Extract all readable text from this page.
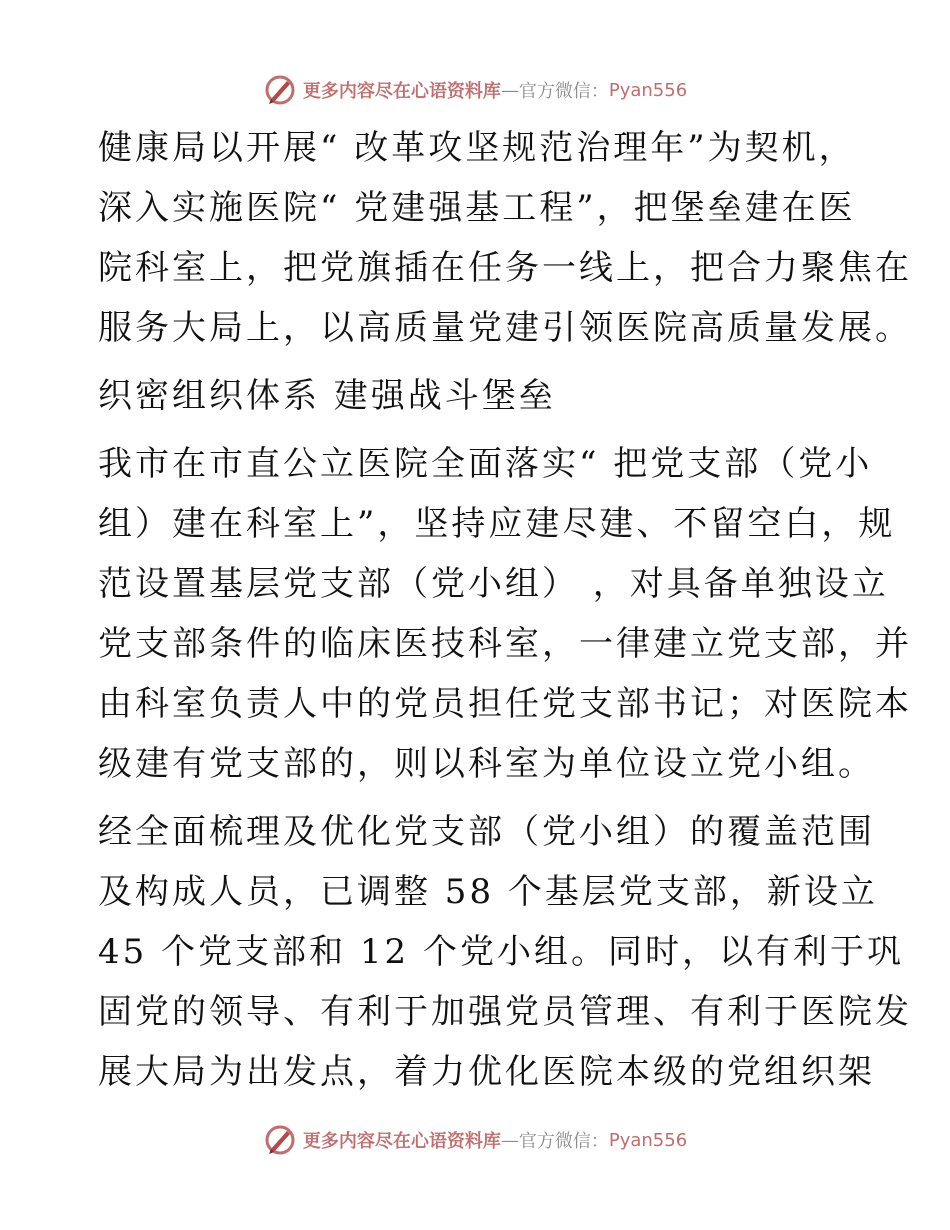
更多内容尽在心语资料库 — 官方微信： Pyan556
健康局以开展“ 改革攻坚规范治理年”为契机，
深入实施医院“ 党建强基工程”，把堡垒建在医
院科室上，把党旗插在任务一线上，把合力聚焦在
服务大局上，以高质量党建引领医院高质量发展。
织密组织体系 建强战斗堡垒
我市在市直公立医院全面落实“ 把党支部（党小
组）建在科室上”，坚持应建尽建、不留空白，规
范设置基层党支部（党小组） ，对具备单独设立
党支部条件的临床医技科室，一律建立党支部，并
由科室负责人中的党员担任党支部书记；对医院本
级建有党支部的，则以科室为单位设立党小组。
经全面梳理及优化党支部（党小组）的覆盖范围
及构成人员，已调整 58 个基层党支部，新设立
45 个党支部和 12 个党小组。同时，以有利于巩
固党的领导、有利于加强党员管理、有利于医院发
展大局为出发点，着力优化医院本级的党组织架
更多内容尽在心语资料库 — 官方微信： Pyan556
